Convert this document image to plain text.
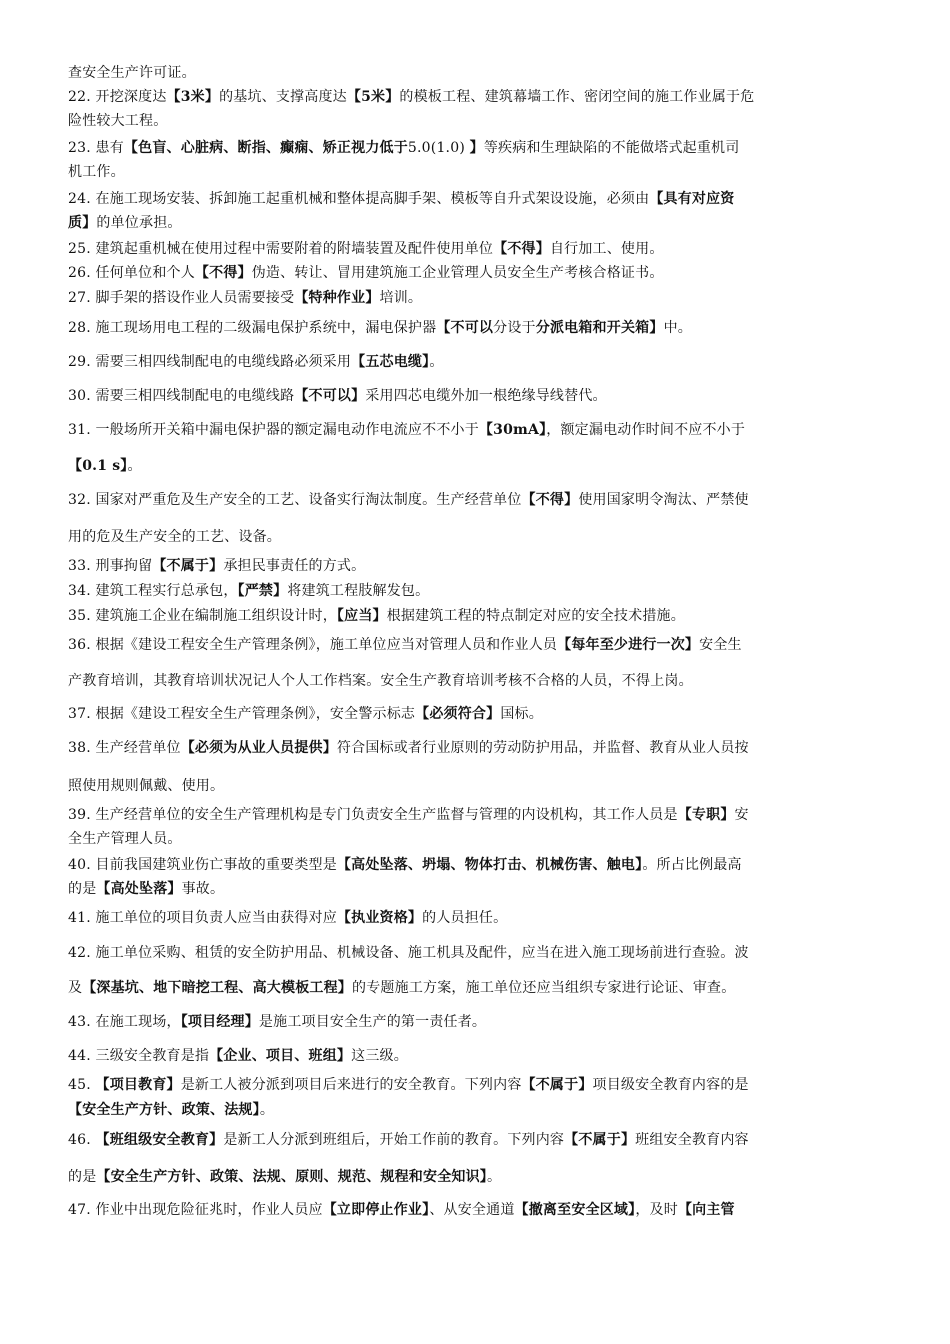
查安全生产许可证。
22. 开挖深度达【3米】的基坑、支撑高度达【5米】的模板工程、建筑幕墙工作、密闭空间的施工作业属于危
险性较大工程。
23. 患有【色盲、心脏病、断指、癫痫、矫正视力低于5.0(1.0) 】等疾病和生理缺陷的不能做塔式起重机司
机工作。
24. 在施工现场安装、拆卸施工起重机械和整体提高脚手架、模板等自升式架设设施，必须由【具有对应资
质】的单位承担。
25. 建筑起重机械在使用过程中需要附着的附墙装置及配件使用单位【不得】自行加工、使用。
26. 任何单位和个人【不得】伪造、转让、冒用建筑施工企业管理人员安全生产考核合格证书。
27. 脚手架的搭设作业人员需要接受【特种作业】培训。
28. 施工现场用电工程的二级漏电保护系统中，漏电保护器【不可以分设于分派电箱和开关箱】中。
29. 需要三相四线制配电的电缆线路必须采用【五芯电缆】。
30. 需要三相四线制配电的电缆线路【不可以】采用四芯电缆外加一根绝缘导线替代。
31. 一般场所开关箱中漏电保护器的额定漏电动作电流应不不小于【30mA】，额定漏电动作时间不应不小于
【0.1 s】。
32. 国家对严重危及生产安全的工艺、设备实行淘汰制度。生产经营单位【不得】使用国家明令淘汰、严禁使
用的危及生产安全的工艺、设备。
33. 刑事拘留【不属于】承担民事责任的方式。
34. 建筑工程实行总承包，【严禁】将建筑工程肢解发包。
35. 建筑施工企业在编制施工组织设计时，【应当】根据建筑工程的特点制定对应的安全技术措施。
36. 根据《建设工程安全生产管理条例》，施工单位应当对管理人员和作业人员【每年至少进行一次】安全生
产教育培训，其教育培训状况记人个人工作档案。安全生产教育培训考核不合格的人员，不得上岗。
37. 根据《建设工程安全生产管理条例》，安全警示标志【必须符合】国标。
38. 生产经营单位【必须为从业人员提供】符合国标或者行业原则的劳动防护用品，并监督、教育从业人员按
照使用规则佩戴、使用。
39. 生产经营单位的安全生产管理机构是专门负责安全生产监督与管理的内设机构，其工作人员是【专职】安
全生产管理人员。
40. 目前我国建筑业伤亡事故的重要类型是【高处坠落、坍塌、物体打击、机械伤害、触电】。所占比例最高
的是【高处坠落】事故。
41. 施工单位的项目负责人应当由获得对应【执业资格】的人员担任。
42. 施工单位采购、租赁的安全防护用品、机械设备、施工机具及配件，应当在进入施工现场前进行查验。波
及【深基坑、地下暗挖工程、高大模板工程】的专题施工方案，施工单位还应当组织专家进行论证、审查。
43. 在施工现场，【项目经理】是施工项目安全生产的第一责任者。
44. 三级安全教育是指【企业、项目、班组】这三级。
45. 【项目教育】是新工人被分派到项目后来进行的安全教育。下列内容【不属于】项目级安全教育内容的是
【安全生产方针、政策、法规】。
46. 【班组级安全教育】是新工人分派到班组后，开始工作前的教育。下列内容【不属于】班组安全教育内容
的是【安全生产方针、政策、法规、原则、规范、规程和安全知识】。
47. 作业中出现危险征兆时，作业人员应【立即停止作业】、从安全通道【撤离至安全区域】，及时【向主管
